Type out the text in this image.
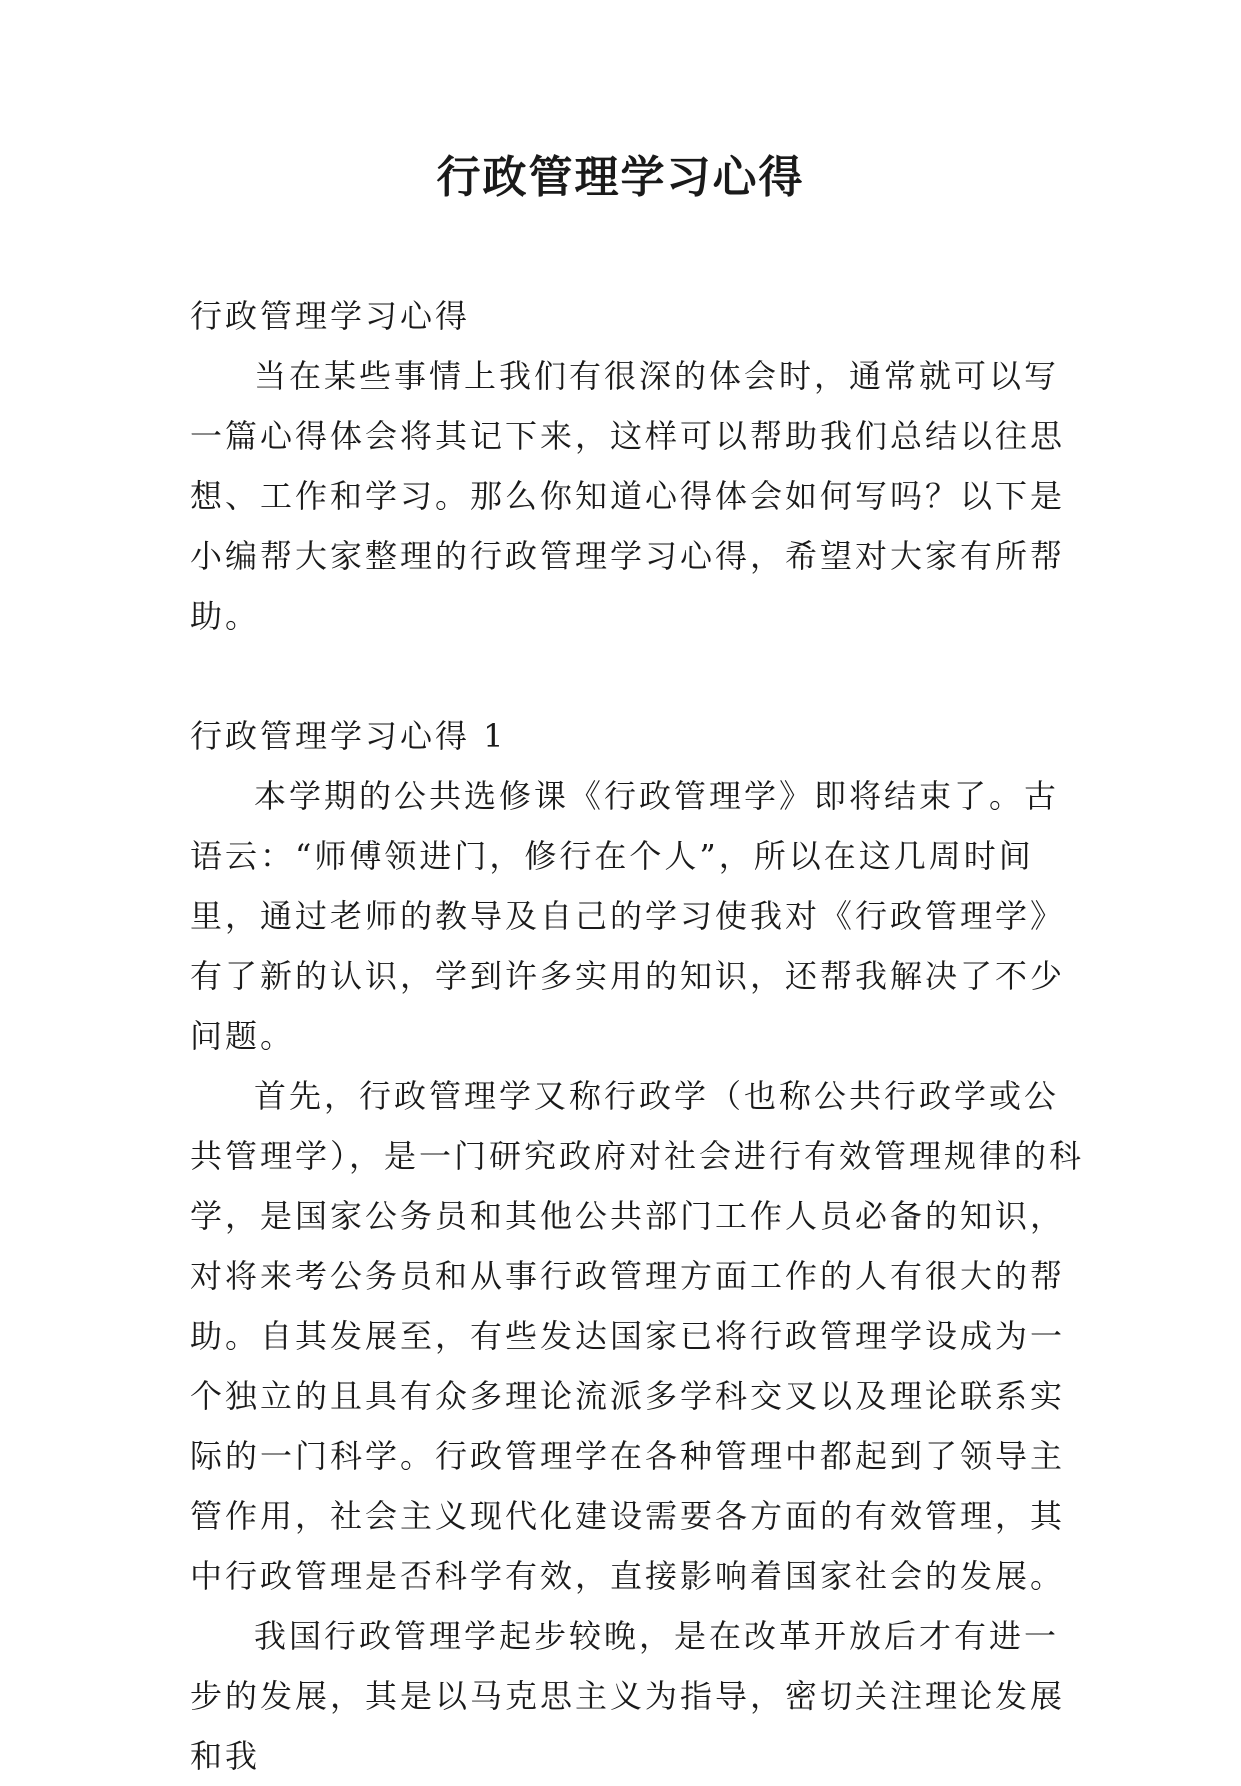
行政管理学习心得

行政管理学习心得

当在某些事情上我们有很深的体会时，通常就可以写一篇心得体会将其记下来，这样可以帮助我们总结以往思想、工作和学习。那么你知道心得体会如何写吗？以下是小编帮大家整理的行政管理学习心得，希望对大家有所帮助。

行政管理学习心得 1

本学期的公共选修课《行政管理学》即将结束了。古语云：“师傅领进门，修行在个人”，所以在这几周时间里，通过老师的教导及自己的学习使我对《行政管理学》有了新的认识，学到许多实用的知识，还帮我解决了不少问题。

首先，行政管理学又称行政学（也称公共行政学或公共管理学），是一门研究政府对社会进行有效管理规律的科学，是国家公务员和其他公共部门工作人员必备的知识，对将来考公务员和从事行政管理方面工作的人有很大的帮助。自其发展至，有些发达国家已将行政管理学设成为一个独立的且具有众多理论流派多学科交叉以及理论联系实际的一门科学。行政管理学在各种管理中都起到了领导主管作用，社会主义现代化建设需要各方面的有效管理，其中行政管理是否科学有效，直接影响着国家社会的发展。

我国行政管理学起步较晚，是在改革开放后才有进一步的发展，其是以马克思主义为指导，密切关注理论发展和我
